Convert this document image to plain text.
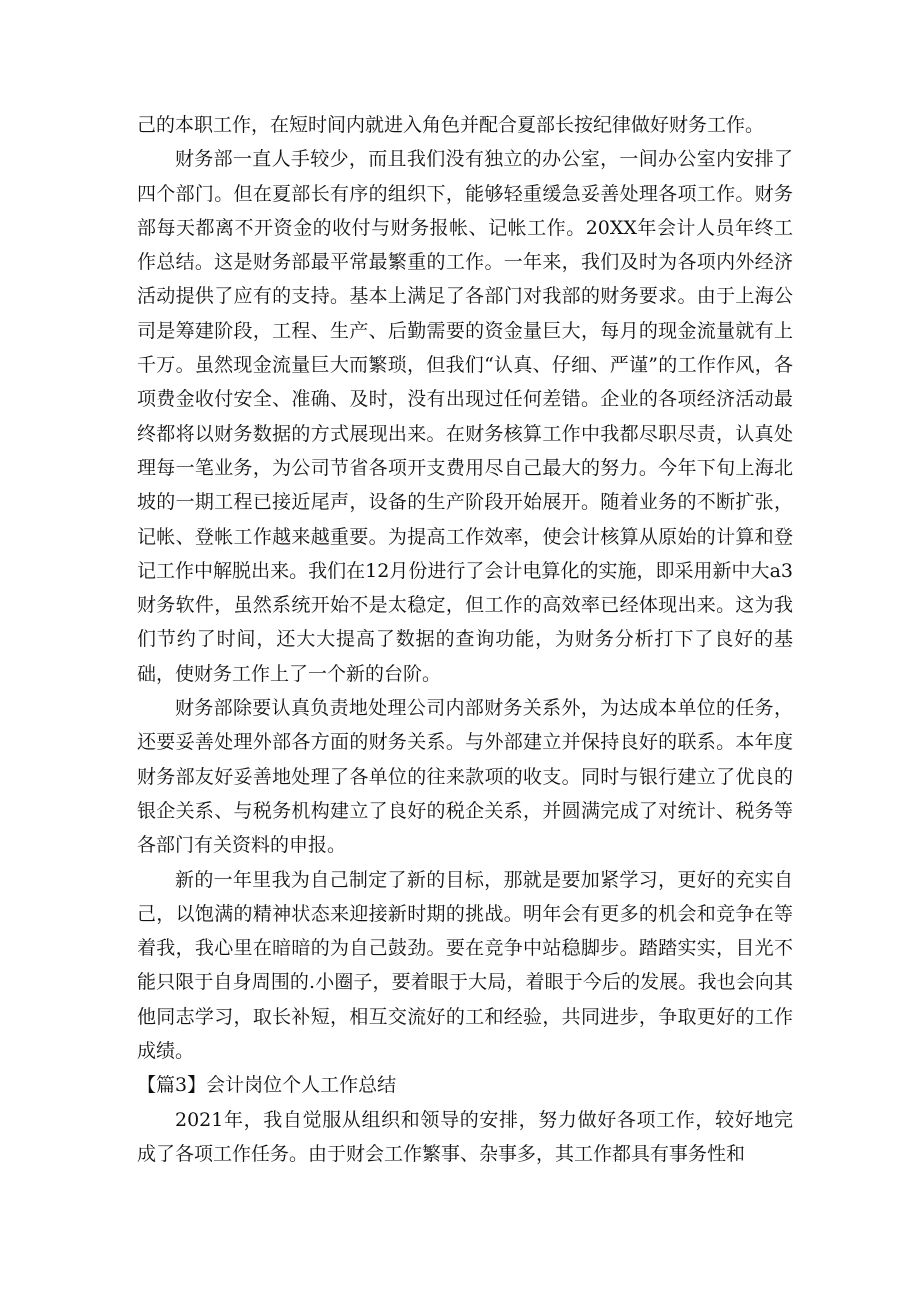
己的本职工作，在短时间内就进入角色并配合夏部长按纪律做好财务工作。

财务部一直人手较少，而且我们没有独立的办公室，一间办公室内安排了四个部门。但在夏部长有序的组织下，能够轻重缓急妥善处理各项工作。财务部每天都离不开资金的收付与财务报帐、记帐工作。20XX年会计人员年终工作总结。这是财务部最平常最繁重的工作。一年来，我们及时为各项内外经济活动提供了应有的支持。基本上满足了各部门对我部的财务要求。由于上海公司是筹建阶段，工程、生产、后勤需要的资金量巨大，每月的现金流量就有上千万。虽然现金流量巨大而繁琐，但我们“认真、仔细、严谨”的工作作风，各项费金收付安全、准确、及时，没有出现过任何差错。企业的各项经济活动最终都将以财务数据的方式展现出来。在财务核算工作中我都尽职尽责，认真处理每一笔业务，为公司节省各项开支费用尽自己最大的努力。今年下旬上海北坡的一期工程已接近尾声，设备的生产阶段开始展开。随着业务的不断扩张，记帐、登帐工作越来越重要。为提高工作效率，使会计核算从原始的计算和登记工作中解脱出来。我们在12月份进行了会计电算化的实施，即采用新中大a3财务软件，虽然系统开始不是太稳定，但工作的高效率已经体现出来。这为我们节约了时间，还大大提高了数据的查询功能，为财务分析打下了良好的基础，使财务工作上了一个新的台阶。

财务部除要认真负责地处理公司内部财务关系外，为达成本单位的任务，还要妥善处理外部各方面的财务关系。与外部建立并保持良好的联系。本年度财务部友好妥善地处理了各单位的往来款项的收支。同时与银行建立了优良的银企关系、与税务机构建立了良好的税企关系，并圆满完成了对统计、税务等各部门有关资料的申报。

新的一年里我为自己制定了新的目标，那就是要加紧学习，更好的充实自己，以饱满的精神状态来迎接新时期的挑战。明年会有更多的机会和竞争在等着我，我心里在暗暗的为自己鼓劲。要在竞争中站稳脚步。踏踏实实，目光不能只限于自身周围的.小圈子，要着眼于大局，着眼于今后的发展。我也会向其他同志学习，取长补短，相互交流好的工和经验，共同进步，争取更好的工作成绩。

【篇3】会计岗位个人工作总结

2021年，我自觉服从组织和领导的安排，努力做好各项工作，较好地完成了各项工作任务。由于财会工作繁事、杂事多，其工作都具有事务性和
